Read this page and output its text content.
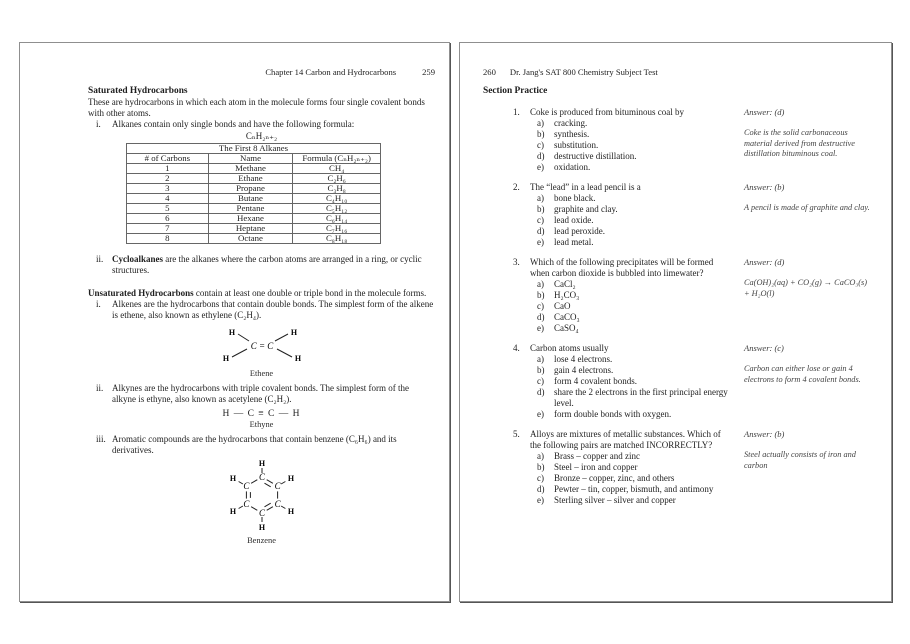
Chapter 14 Carbon and Hydrocarbons	259
Saturated Hydrocarbons

These are hydrocarbons in which each atom in the molecule forms four single covalent bonds with other atoms.

i.	Alkanes contain only single bonds and have the following formula:
CₙH₂ₙ₊₂
The First 8 Alkanes		
# of Carbons	Name	Formula (CₙH₂ₙ₊₂)
1	Methane	CH₄
2	Ethane	C₂H₆
3	Propane	C₃H₈
4	Butane	C₄H₁₀
5	Pentane	C₅H₁₂
6	Hexane	C₆H₁₄
7	Heptane	C₇H₁₆
8	Octane	C₈H₁₈
ii. Cycloalkanes are the alkanes where the carbon atoms are arranged in a ring, or cyclic structures.

Unsaturated Hydrocarbons contain at least one double or triple bond in the molecule forms.

i.	Alkenes are the hydrocarbons that contain double bonds. The simplest form of the alkene is ethene, also known as ethylene (C₂H₄).
H
H
H
H
C = C
Ethene
ii. Alkynes are the hydrocarbons with triple covalent bonds. The simplest form of the alkyne is ethyne, also known as acetylene (C₂H₂).
H — C ≡ C — H
Ethyne
iii. Aromatic compounds are the hydrocarbons that contain benzene (C₆H₆) and its derivatives.
C
C
C
C
C
C
H
H
H
H
H
H
Benzene
260 Dr. Jang's SAT 800 Chemistry Subject Test
Section Practice
1.	Coke is produced from bituminous coal by
a)	cracking.
b)	synthesis.
c)	substitution.
d)	destructive distillation.
e)	oxidation.
Answer: (d)
Coke is the solid carbonaceous material derived from destructive distillation bituminous coal.
2.	The “lead” in a lead pencil is a
a)	bone black.
b)	graphite and clay.
c)	lead oxide.
d)	lead peroxide.
e)	lead metal.
Answer: (b)
A pencil is made of graphite and clay.
3.	Which of the following precipitates will be formed when carbon dioxide is bubbled into limewater?
a)	CaCl₂
b)	H₂CO₃
c)	CaO
d)	CaCO₃
e)	CaSO₄
Answer: (d)
Ca(OH)₂(aq) + CO₂(g) → CaCO₃(s) + H₂O(l)
4.	Carbon atoms usually
a)	lose 4 electrons.
b)	gain 4 electrons.
c)	form 4 covalent bonds.
d)	share the 2 electrons in the first principal energy level.
e)	form double bonds with oxygen.
Answer: (c)
Carbon can either lose or gain 4 electrons to form 4 covalent bonds.
5.	Alloys are mixtures of metallic substances. Which of the following pairs are matched INCORRECTLY?
a)	Brass – copper and zinc
b)	Steel – iron and copper
c)	Bronze – copper, zinc, and others
d)	Pewter – tin, copper, bismuth, and antimony
e)	Sterling silver – silver and copper
Answer: (b)
Steel actually consists of iron and carbon
